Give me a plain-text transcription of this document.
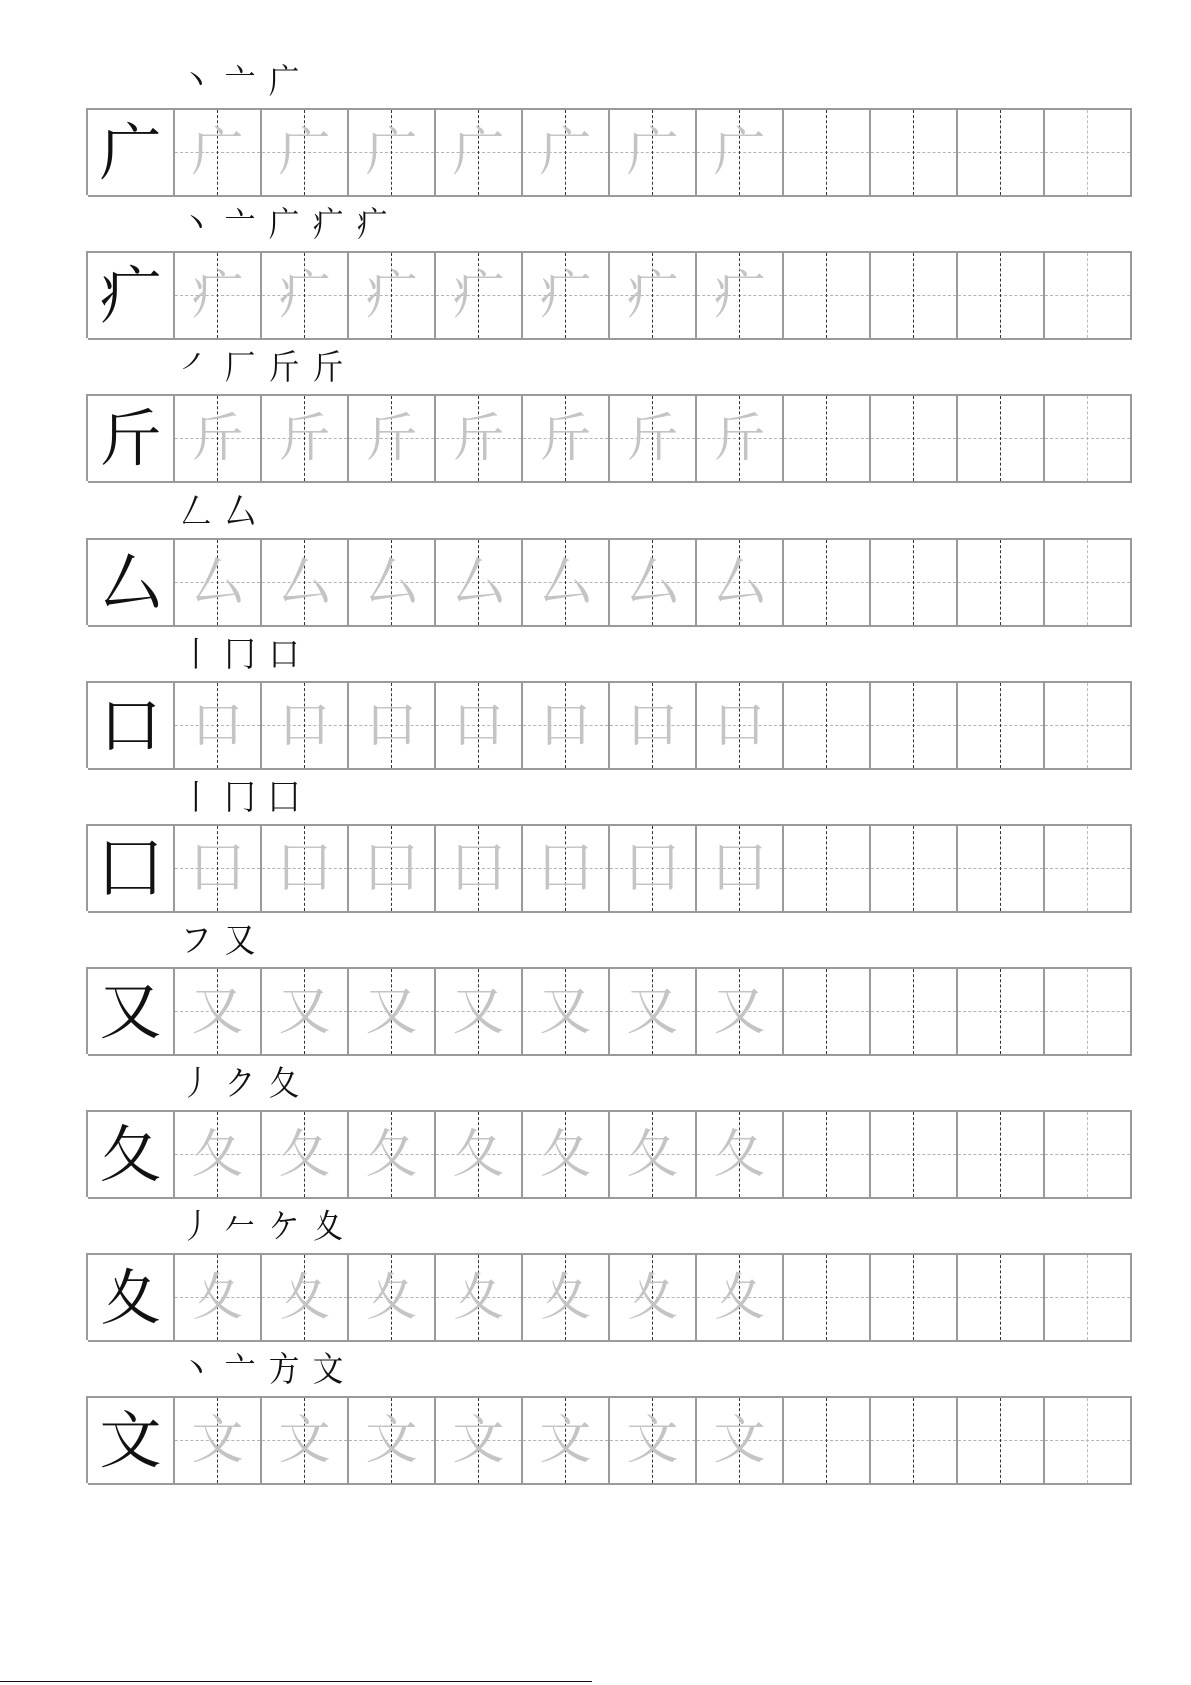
丶 亠 广
广 广 广 广 广 广 广 广
丶 亠 广 疒 疒
疒 疒 疒 疒 疒 疒 疒 疒
㇒ 厂 斤 斤
斤 斤 斤 斤 斤 斤 斤 斤
𠃋 厶
厶 厶 厶 厶 厶 厶 厶 厶
丨 冂 口
口 口 口 口 口 口 口 口
丨 冂 囗
囗 囗 囗 囗 囗 囗 囗 囗
フ 又
又 又 又 又 又 又 又 又
丿 ク 夂
夂 夂 夂 夂 夂 夂 夂 夂
丿 𠂉 ケ 夊
夊 夊 夊 夊 夊 夊 夊 夊
丶 亠 方 文
文 文 文 文 文 文 文 文
